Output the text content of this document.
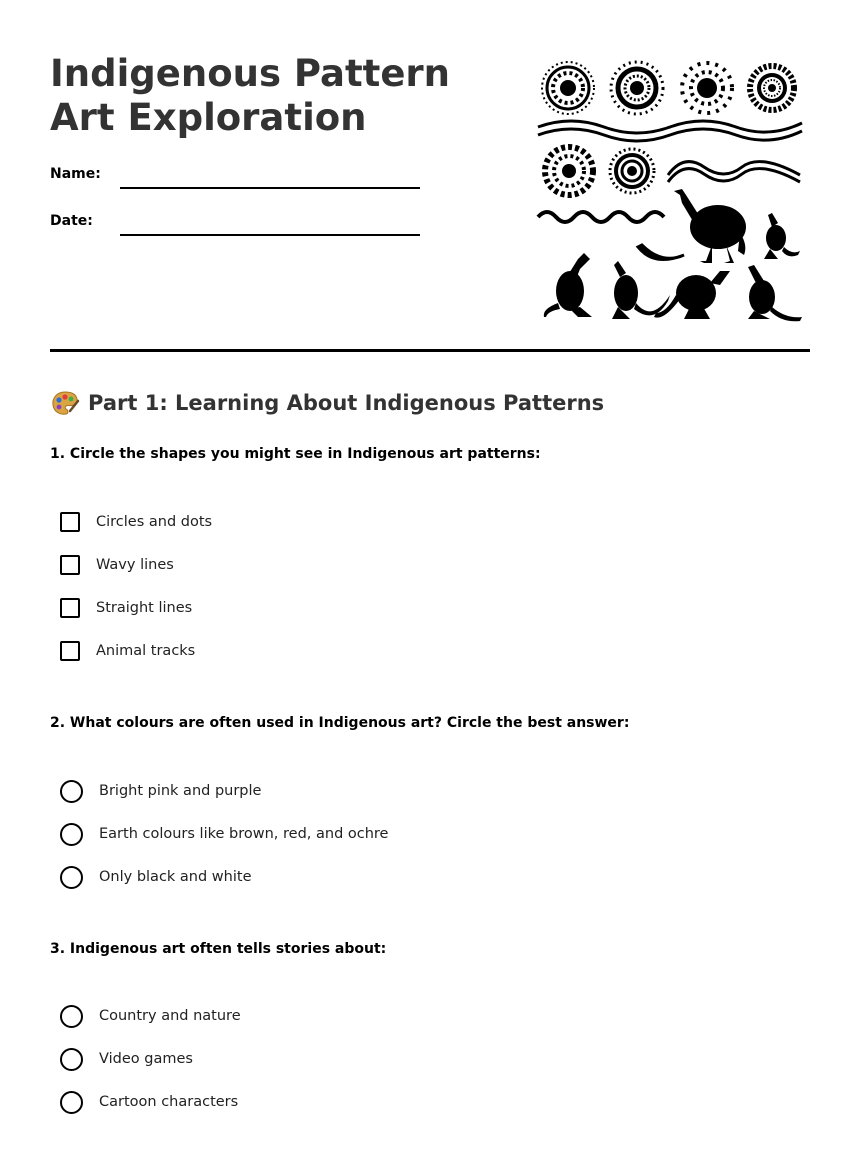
Indigenous Pattern Art Exploration
Name:
Date:
Part 1: Learning About Indigenous Patterns

1. Circle the shapes you might see in Indigenous art patterns:

Circles and dots
Wavy lines
Straight lines
Animal tracks

2. What colours are often used in Indigenous art? Circle the best answer:

Bright pink and purple
Earth colours like brown, red, and ochre
Only black and white

3. Indigenous art often tells stories about:

Country and nature
Video games
Cartoon characters
